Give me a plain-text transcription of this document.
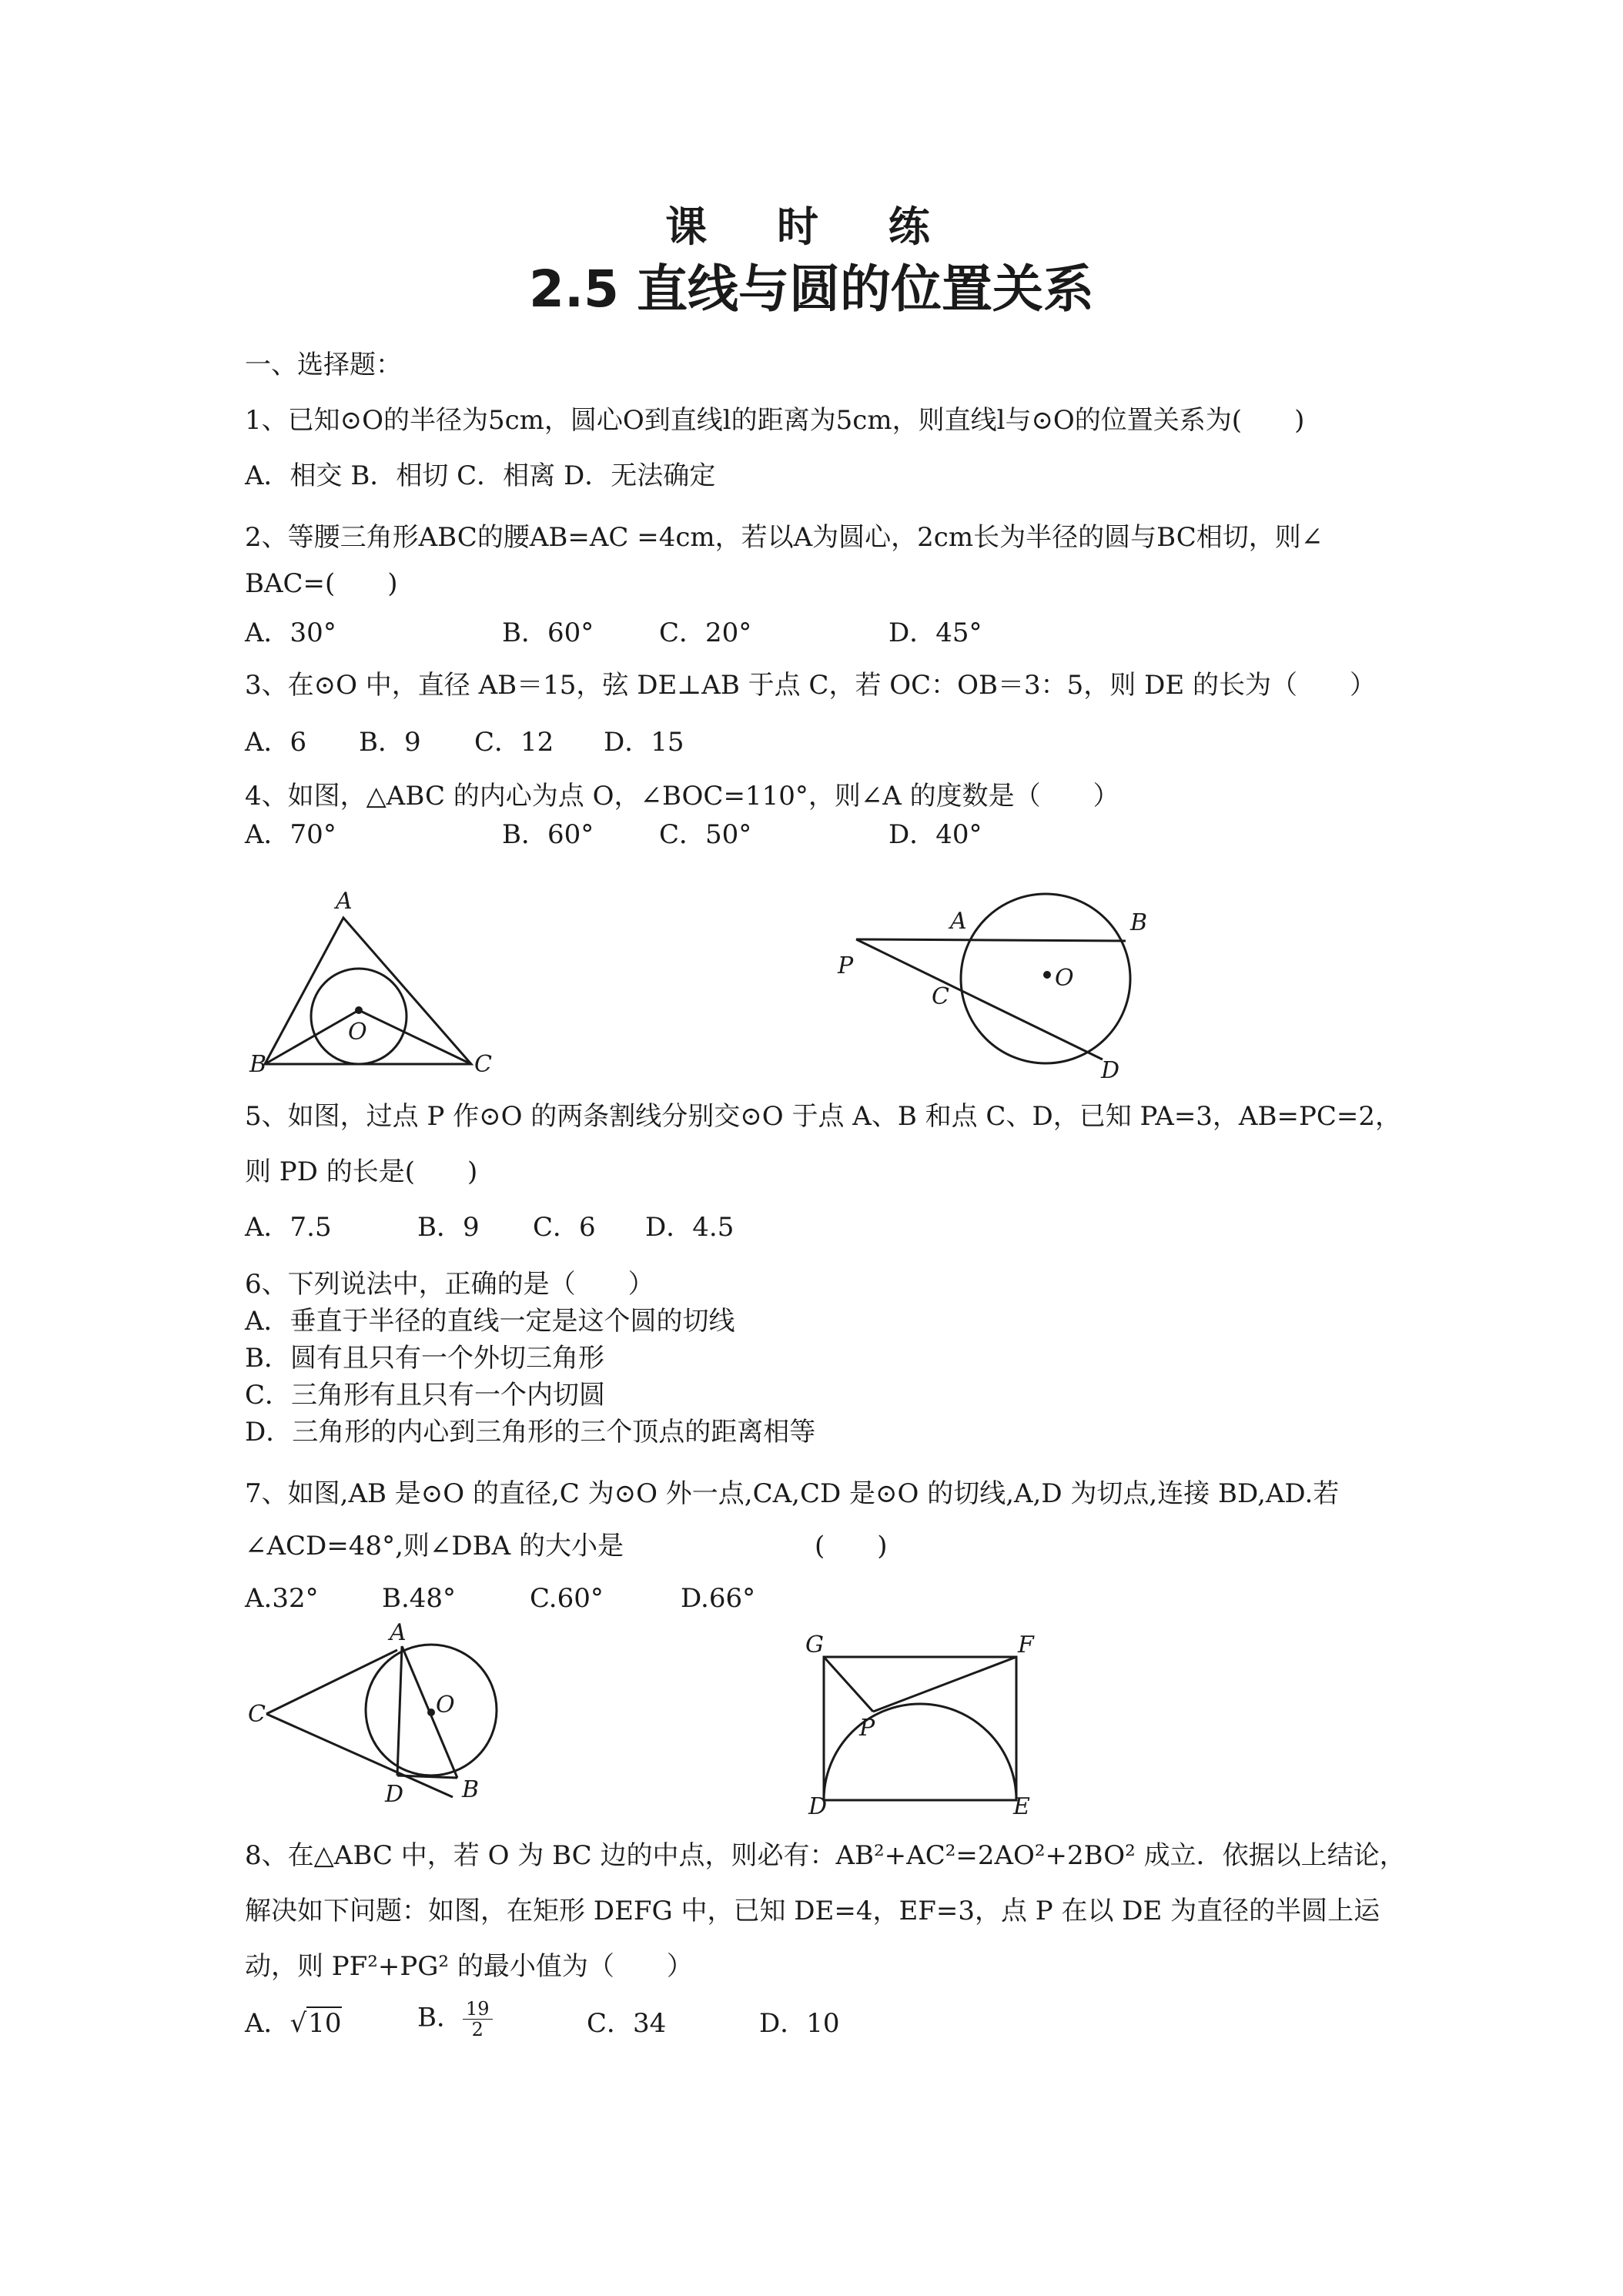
课 时 练
2.5 直线与圆的位置关系
一、选择题：
1、已知⊙O的半径为5cm，圆心O到直线l的距离为5cm，则直线l与⊙O的位置关系为(　　)
A．相交 B．相切 C．相离 D．无法确定
2、等腰三角形ABC的腰AB=AC =4cm，若以A为圆心，2cm长为半径的圆与BC相切，则∠
BAC=(　　)
A．30°	B．60° C．20°	D．45°
3、在⊙O 中，直径 AB＝15，弦 DE⊥AB 于点 C，若 OC：OB＝3：5，则 DE 的长为（　　）
A．6 B．9 C．12 D．15
4、如图，△ABC 的内心为点 O，∠BOC=110°，则∠A 的度数是（　　）
A．70°	B．60° C．50°	D．40°
A
O
B	C
A	B
P	O
C
D
5、如图，过点 P 作⊙O 的两条割线分别交⊙O 于点 A、B 和点 C、D，已知 PA=3，AB=PC=2，
则 PD 的长是(　　)
A．7.5	B．9 C．6 D．4.5
6、下列说法中，正确的是（　　）
A．垂直于半径的直线一定是这个圆的切线
B．圆有且只有一个外切三角形
C．三角形有且只有一个内切圆
D．三角形的内心到三角形的三个顶点的距离相等
7、如图,AB 是⊙O 的直径,C 为⊙O 外一点,CA,CD 是⊙O 的切线,A,D 为切点,连接 BD,AD.若
∠ACD=48°,则∠DBA 的大小是	(　　)
A.32° B.48°	C.60°	D.66°
A
O
C
D	B
G	F
P
D	E
8、在△ABC 中，若 O 为 BC 边的中点，则必有：AB²+AC²=2AO²+2BO² 成立．依据以上结论，
解决如下问题：如图，在矩形 DEFG 中，已知 DE=4，EF=3，点 P 在以 DE 为直径的半圆上运
动，则 PF²+PG² 的最小值为（　　）
A．√10	B． $\frac{19}{2}$	C．34	D．10
